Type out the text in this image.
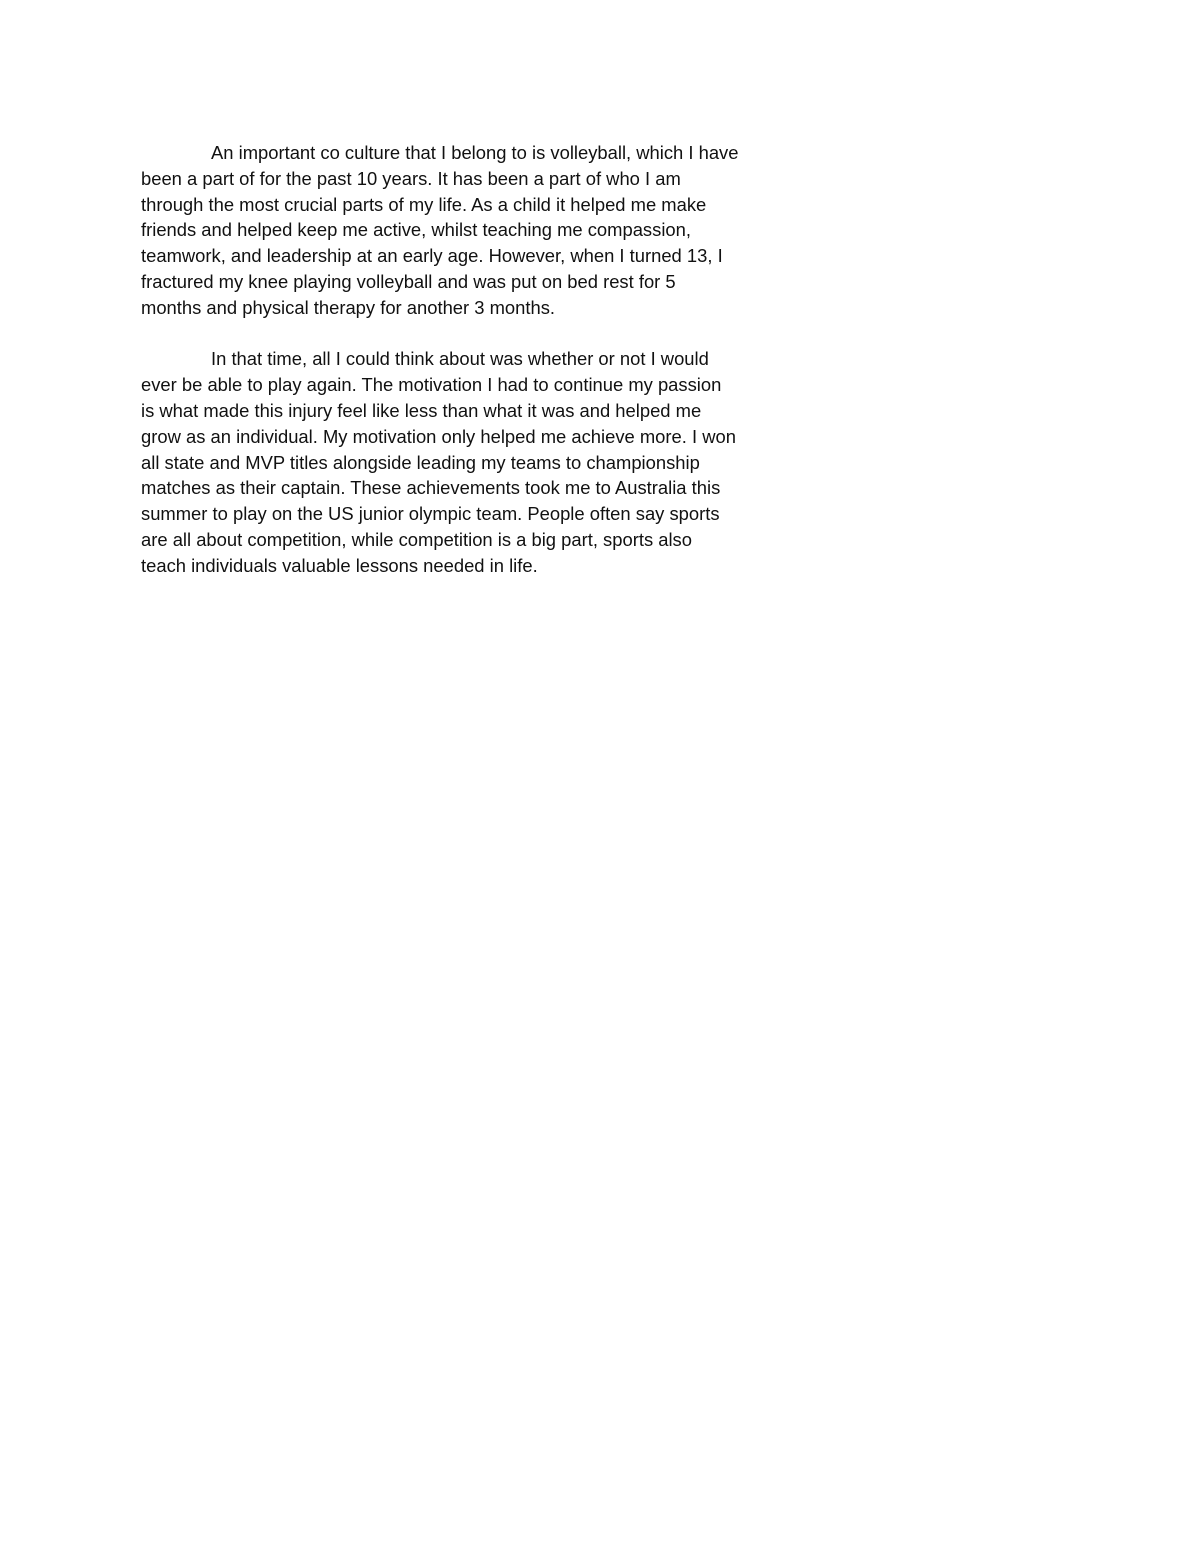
An important co culture that I belong to is volleyball, which I have
been a part of for the past 10 years. It has been a part of who I am
through the most crucial parts of my life. As a child it helped me make
friends and helped keep me active, whilst teaching me compassion,
teamwork, and leadership at an early age. However, when I turned 13, I
fractured my knee playing volleyball and was put on bed rest for 5
months and physical therapy for another 3 months.

In that time, all I could think about was whether or not I would
ever be able to play again. The motivation I had to continue my passion
is what made this injury feel like less than what it was and helped me
grow as an individual. My motivation only helped me achieve more. I won
all state and MVP titles alongside leading my teams to championship
matches as their captain. These achievements took me to Australia this
summer to play on the US junior olympic team. People often say sports
are all about competition, while competition is a big part, sports also
teach individuals valuable lessons needed in life.
